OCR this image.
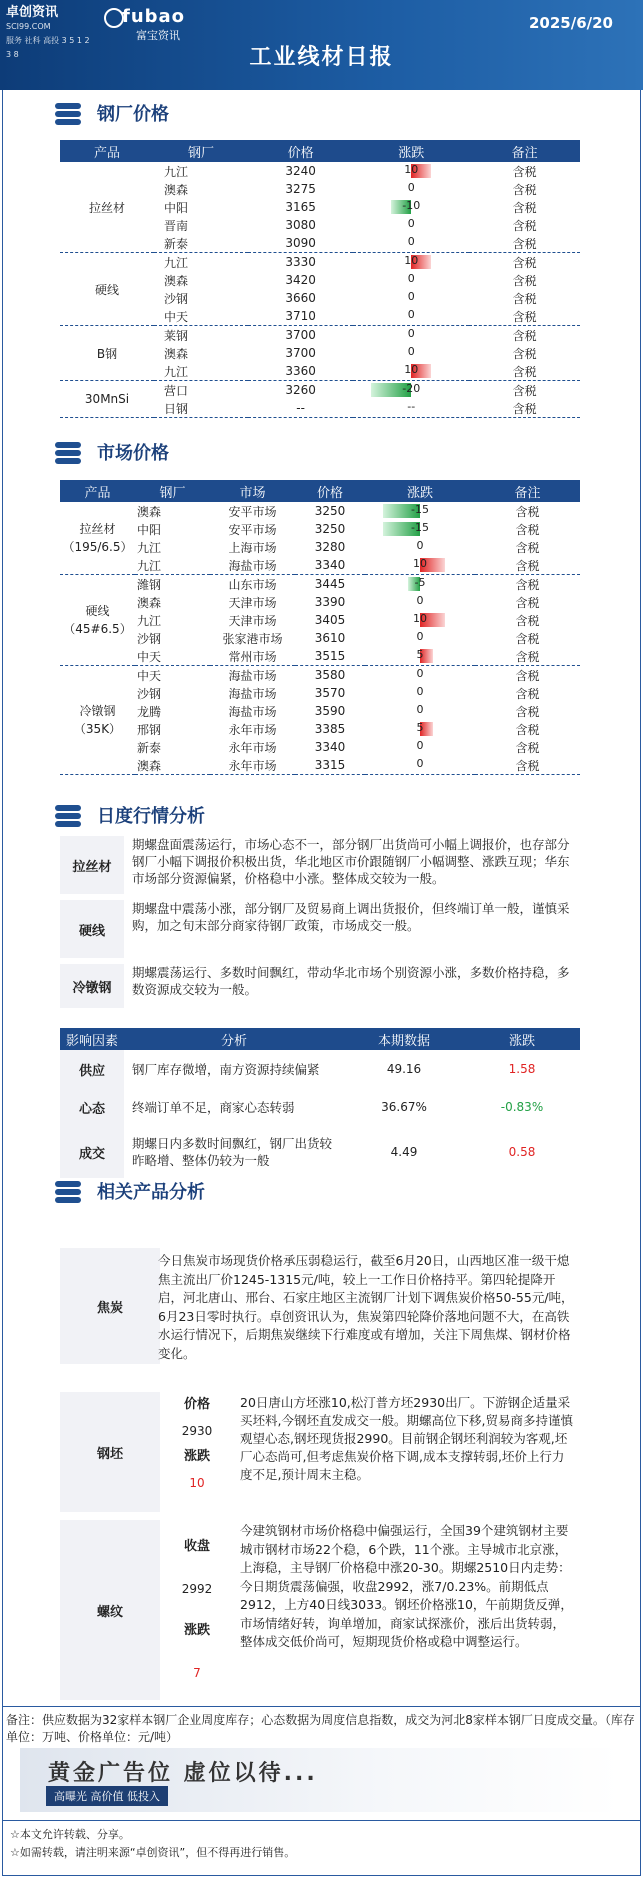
卓创资讯
SCI99.COM
服务 社科 高投 3 5 1 2 3 8
fubao
富宝资讯
2025/6/20
工业线材日报
钢厂价格
产品	钢厂	价格	涨跌	备注
拉丝材	九江	3240	10	含税
	澳森	3275	0	含税
	中阳	3165	-10	含税
	晋南	3080	0	含税
	新泰	3090	0	含税
硬线	九江	3330	10	含税
	澳森	3420	0	含税
	沙钢	3660	0	含税
	中天	3710	0	含税
B钢	莱钢	3700	0	含税
	澳森	3700	0	含税
	九江	3360	10	含税
30MnSi	营口	3260	-20	含税
	日钢	--	--	含税
市场价格
产品	钢厂	市场	价格	涨跌	备注

拉丝材
（195/6.5）	澳森	安平市场	3250	-15	含税
	中阳	安平市场	3250	-15	含税
	九江	上海市场	3280	0	含税
	九江	海盐市场	3340	10	含税

硬线
（45#6.5）	潍钢	山东市场	3445	-5	含税
	澳森	天津市场	3390	0	含税
	九江	天津市场	3405	10	含税
	沙钢	张家港市场	3610	0	含税
	中天	常州市场	3515	5	含税

冷镦钢
（35K）	中天	海盐市场	3580	0	含税
	沙钢	海盐市场	3570	0	含税
	龙腾	海盐市场	3590	0	含税
	邢钢	永年市场	3385	5	含税
	新泰	永年市场	3340	0	含税
	澳森	永年市场	3315	0	含税
日度行情分析
拉丝材
期螺盘面震荡运行，市场心态不一，部分钢厂出货尚可小幅上调报价，也存部分钢厂小幅下调报价积极出货，华北地区市价跟随钢厂小幅调整、涨跌互现；华东市场部分资源偏紧，价格稳中小涨。整体成交较为一般。
硬线
期螺盘中震荡小涨，部分钢厂及贸易商上调出货报价，但终端订单一般，谨慎采购，加之旬末部分商家待钢厂政策，市场成交一般。
冷镦钢
期螺震荡运行、多数时间飘红，带动华北市场个别资源小涨，多数价格持稳，多数资源成交较为一般。
影响因素	分析	本期数据	涨跌
供应	钢厂库存微增，南方资源持续偏紧	49.16	1.58
心态	终端订单不足，商家心态转弱	36.67%	-0.83%
成交	期螺日内多数时间飘红，钢厂出货较昨略增、整体仍较为一般	4.49	0.58
相关产品分析
焦炭
今日焦炭市场现货价格承压弱稳运行，截至6月20日，山西地区准一级干熄焦主流出厂价1245-1315元/吨，较上一工作日价格持平。第四轮提降开启，河北唐山、邢台、石家庄地区主流钢厂计划下调焦炭价格50-55元/吨，6月23日零时执行。卓创资讯认为，焦炭第四轮降价落地问题不大，在高铁水运行情况下，后期焦炭继续下行难度或有增加，关注下周焦煤、钢材价格变化。
钢坯
价格
2930
涨跌
10
20日唐山方坯涨10,松汀普方坯2930出厂。下游钢企适量采买坯料,今钢坯直发成交一般。期螺高位下移,贸易商多持谨慎观望心态,钢坯现货报2990。目前钢企钢坯利润较为客观,坯厂心态尚可,但考虑焦炭价格下调,成本支撑转弱,坯价上行力度不足,预计周末主稳。
螺纹
收盘
2992
涨跌
7
今建筑钢材市场价格稳中偏强运行，全国39个建筑钢材主要城市钢材市场22个稳，6个跌，11个涨。主导城市北京涨，上海稳，主导钢厂价格稳中涨20-30。期螺2510日内走势：今日期货震荡偏强，收盘2992，涨7/0.23%。前期低点2912，上方40日线3033。钢坯价格涨10，午前期货反弹，市场情绪好转，询单增加，商家试探涨价，涨后出货转弱，整体成交低价尚可，短期现货价格或稳中调整运行。
备注：供应数据为32家样本钢厂企业周度库存；心态数据为周度信息指数，成交为河北8家样本钢厂日度成交量。（库存单位：万吨、价格单位：元/吨）
黄金广告位 虚位以待...
高曝光 高价值 低投入
☆本文允许转载、分享。
☆如需转载，请注明来源“卓创资讯”，但不得再进行销售。
